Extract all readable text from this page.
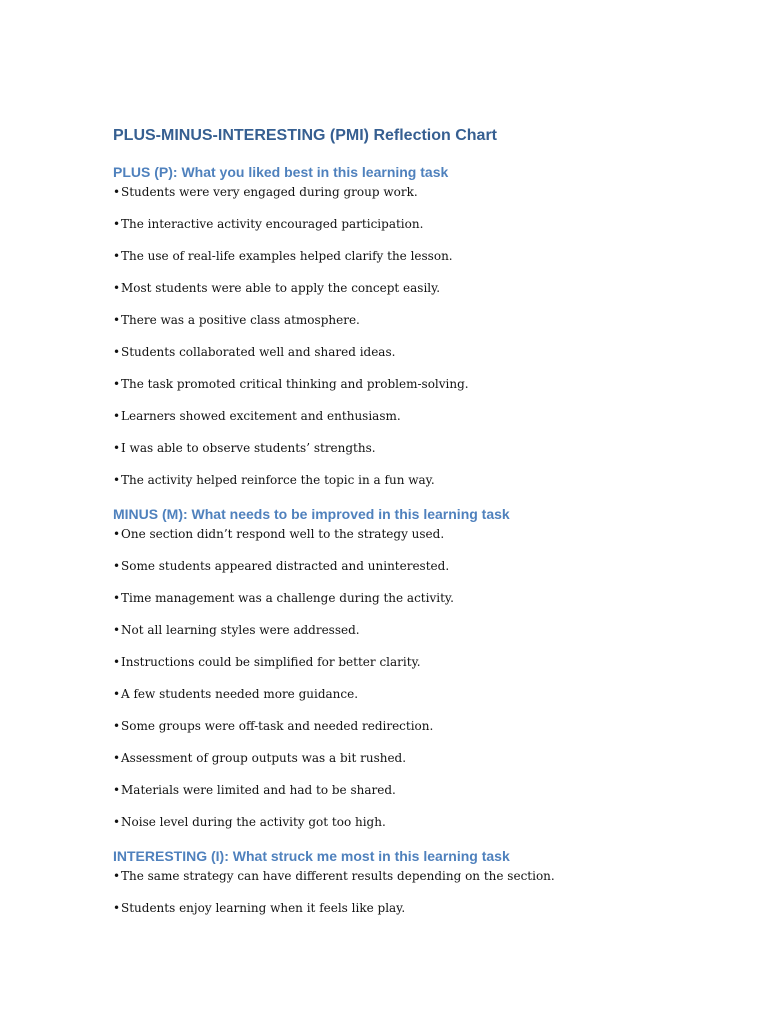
PLUS-MINUS-INTERESTING (PMI) Reflection Chart
PLUS (P): What you liked best in this learning task
•Students were very engaged during group work.
•The interactive activity encouraged participation.
•The use of real-life examples helped clarify the lesson.
•Most students were able to apply the concept easily.
•There was a positive class atmosphere.
•Students collaborated well and shared ideas.
•The task promoted critical thinking and problem-solving.
•Learners showed excitement and enthusiasm.
•I was able to observe students’ strengths.
•The activity helped reinforce the topic in a fun way.
MINUS (M): What needs to be improved in this learning task
•One section didn’t respond well to the strategy used.
•Some students appeared distracted and uninterested.
•Time management was a challenge during the activity.
•Not all learning styles were addressed.
•Instructions could be simplified for better clarity.
•A few students needed more guidance.
•Some groups were off-task and needed redirection.
•Assessment of group outputs was a bit rushed.
•Materials were limited and had to be shared.
•Noise level during the activity got too high.
INTERESTING (I): What struck me most in this learning task
•The same strategy can have different results depending on the section.
•Students enjoy learning when it feels like play.
